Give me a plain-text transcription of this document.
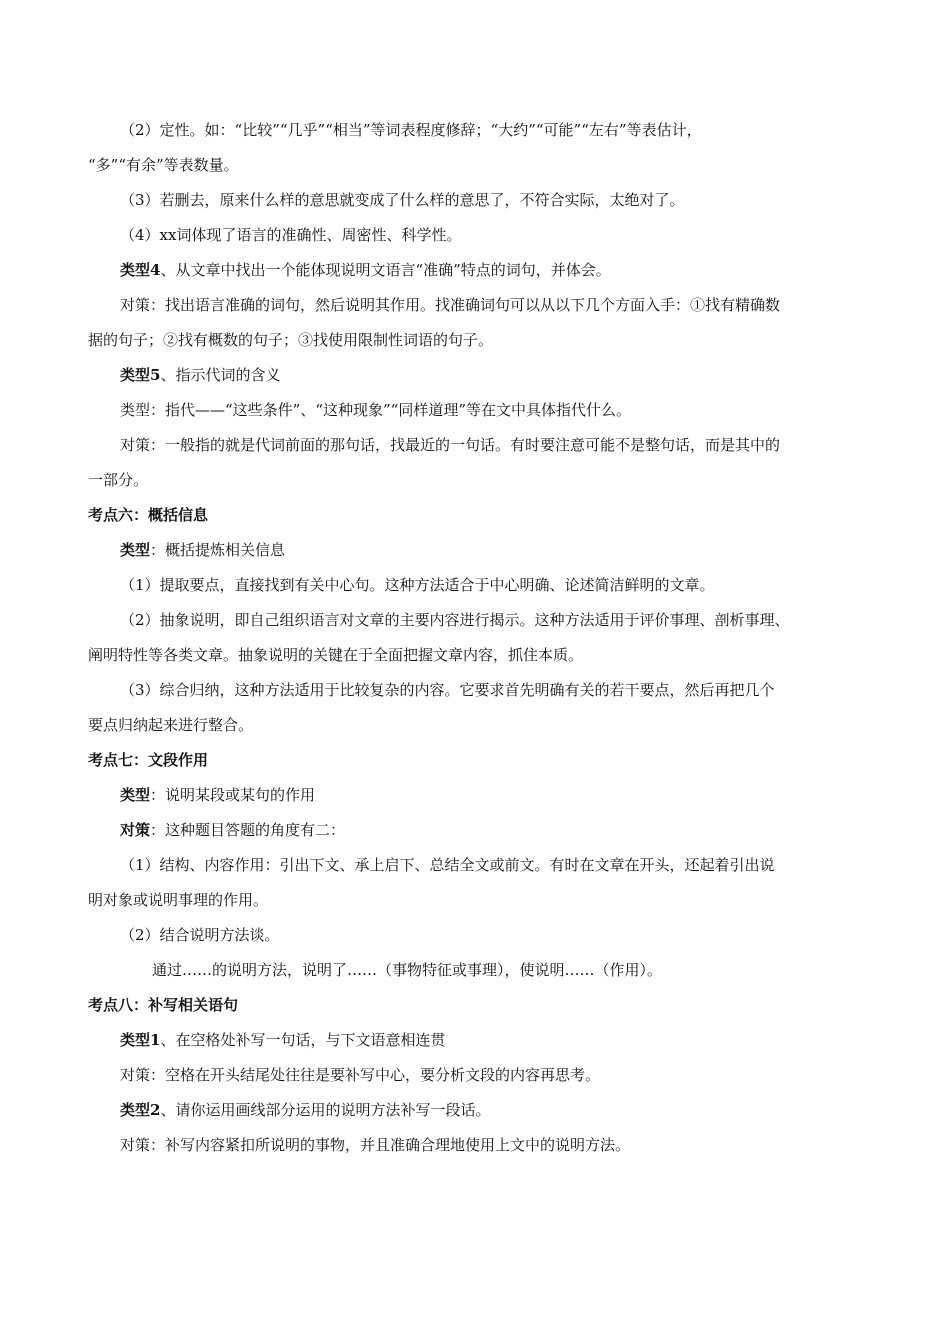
（2）定性。如：“比较”“几乎”“相当”等词表程度修辞；“大约”“可能”“左右”等表估计，
“多”“有余”等表数量。
（3）若删去，原来什么样的意思就变成了什么样的意思了，不符合实际，太绝对了。
（4）xx词体现了语言的准确性、周密性、科学性。
类型4、从文章中找出一个能体现说明文语言“准确”特点的词句，并体会。
对策：找出语言准确的词句，然后说明其作用。找准确词句可以从以下几个方面入手：①找有精确数
据的句子；②找有概数的句子；③找使用限制性词语的句子。
类型5、指示代词的含义
类型：指代——“这些条件”、“这种现象”“同样道理”等在文中具体指代什么。
对策：一般指的就是代词前面的那句话，找最近的一句话。有时要注意可能不是整句话，而是其中的
一部分。
考点六：概括信息
类型：概括提炼相关信息
（1）提取要点，直接找到有关中心句。这种方法适合于中心明确、论述简洁鲜明的文章。
（2）抽象说明，即自己组织语言对文章的主要内容进行揭示。这种方法适用于评价事理、剖析事理、
阐明特性等各类文章。抽象说明的关键在于全面把握文章内容，抓住本质。
（3）综合归纳，这种方法适用于比较复杂的内容。它要求首先明确有关的若干要点，然后再把几个
要点归纳起来进行整合。
考点七：文段作用
类型：说明某段或某句的作用
对策：这种题目答题的角度有二：
（1）结构、内容作用：引出下文、承上启下、总结全文或前文。有时在文章在开头，还起着引出说
明对象或说明事理的作用。
（2）结合说明方法谈。
通过……的说明方法，说明了……（事物特征或事理），使说明……（作用）。
考点八：补写相关语句
类型1、在空格处补写一句话，与下文语意相连贯
对策：空格在开头结尾处往往是要补写中心，要分析文段的内容再思考。
类型2、请你运用画线部分运用的说明方法补写一段话。
对策：补写内容紧扣所说明的事物，并且准确合理地使用上文中的说明方法。
